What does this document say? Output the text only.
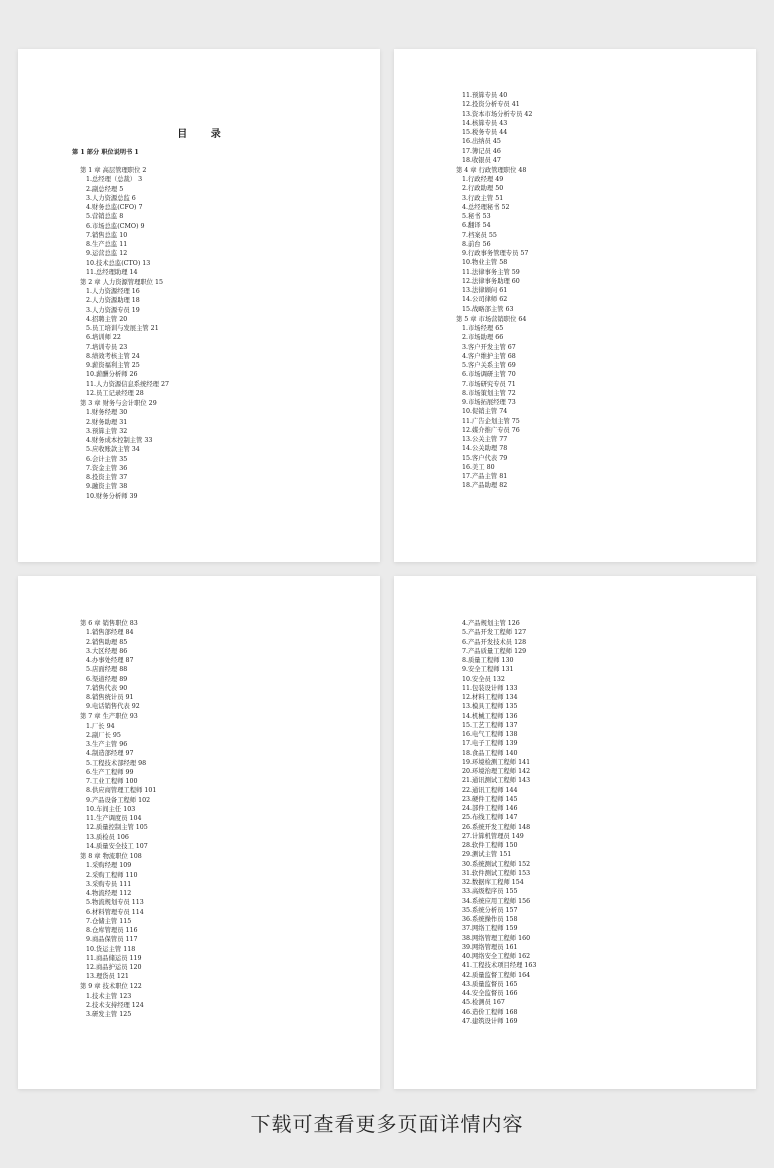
目 录
第 1 部分 职位说明书 1
第 1 章 高层管理职位 2
1.总经理（总裁） 3
2.副总经理 5
3.人力资源总监 6
4.财务总监(CFO) 7
5.营销总监 8
6.市场总监(CMO) 9
7.销售总监 10
8.生产总监 11
9.运营总监 12
10.技术总监(CTO) 13
11.总经理助理 14
第 2 章 人力资源管理职位 15
1.人力资源经理 16
2.人力资源助理 18
3.人力资源专员 19
4.招聘主管 20
5.员工培训与发展主管 21
6.培训师 22
7.培训专员 23
8.绩效考核主管 24
9.薪资福利主管 25
10.薪酬分析师 26
11.人力资源信息系统经理 27
12.员工记录经理 28
第 3 章 财务与会计职位 29
1.财务经理 30
2.财务助理 31
3.预算主管 32
4.财务成本控制主管 33
5.应收账款主管 34
6.会计主管 35
7.资金主管 36
8.投资主管 37
9.融资主管 38
10.财务分析师 39
11.预算专员 40
12.投资分析专员 41
13.资本市场分析专员 42
14.核算专员 43
15.税务专员 44
16.出纳员 45
17.簿记员 46
18.收银员 47
第 4 章 行政管理职位 48
1.行政经理 49
2.行政助理 50
3.行政主管 51
4.总经理秘书 52
5.秘书 53
6.翻译 54
7.档案员 55
8.前台 56
9.行政事务管理专员 57
10.物业主管 58
11.法律事务主管 59
12.法律事务助理 60
13.法律顾问 61
14.公司律师 62
15.战略部主管 63
第 5 章 市场营销职位 64
1.市场经理 65
2.市场助理 66
3.客户开发主管 67
4.客户维护主管 68
5.客户关系主管 69
6.市场调研主管 70
7.市场研究专员 71
8.市场策划主管 72
9.市场拓展经理 73
10.促销主管 74
11.广告企划主管 75
12.媒介推广专员 76
13.公关主管 77
14.公关助理 78
15.客户代表 79
16.美工 80
17.产品主管 81
18.产品助理 82
第 6 章 销售职位 83
1.销售部经理 84
2.销售助理 85
3.大区经理 86
4.办事处经理 87
5.店面经理 88
6.渠道经理 89
7.销售代表 90
8.销售统计员 91
9.电话销售代表 92
第 7 章 生产职位 93
1.厂长 94
2.副厂长 95
3.生产主管 96
4.制造部经理 97
5.工程技术部经理 98
6.生产工程师 99
7.工业工程师 100
8.供应商管理工程师 101
9.产品设备工程师 102
10.车间主任 103
11.生产调度员 104
12.质量控制主管 105
13.质检员 106
14.质量安全技工 107
第 8 章 物流职位 108
1.采购经理 109
2.采购工程师 110
3.采购专员 111
4.物流经理 112
5.物流规划专员 113
6.材料管理专员 114
7.仓储主管 115
8.仓库管理员 116
9.商品保管员 117
10.货运主管 118
11.商品储运员 119
12.商品护运员 120
13.理货员 121
第 9 章 技术职位 122
1.技术主管 123
2.技术支持经理 124
3.研发主管 125
4.产品规划主管 126
5.产品开发工程师 127
6.产品开发技术员 128
7.产品质量工程师 129
8.质量工程师 130
9.安全工程师 131
10.安全员 132
11.包装设计师 133
12.材料工程师 134
13.模具工程师 135
14.机械工程师 136
15.工艺工程师 137
16.电气工程师 138
17.电子工程师 139
18.食品工程师 140
19.环境检测工程师 141
20.环境治理工程师 142
21.通讯测试工程师 143
22.通讯工程师 144
23.硬件工程师 145
24.部件工程师 146
25.布线工程师 147
26.系统开发工程师 148
27.计算机管理员 149
28.软件工程师 150
29.测试主管 151
30.系统测试工程师 152
31.软件测试工程师 153
32.数据库工程师 154
33.高级程序员 155
34.系统应用工程师 156
35.系统分析员 157
36.系统操作员 158
37.网络工程师 159
38.网络管理工程师 160
39.网络管理员 161
40.网络安全工程师 162
41.工程技术项目经理 163
42.质量监督工程师 164
43.质量监督员 165
44.安全监督员 166
45.检测员 167
46.造价工程师 168
47.建筑设计师 169
下载可查看更多页面详情内容
